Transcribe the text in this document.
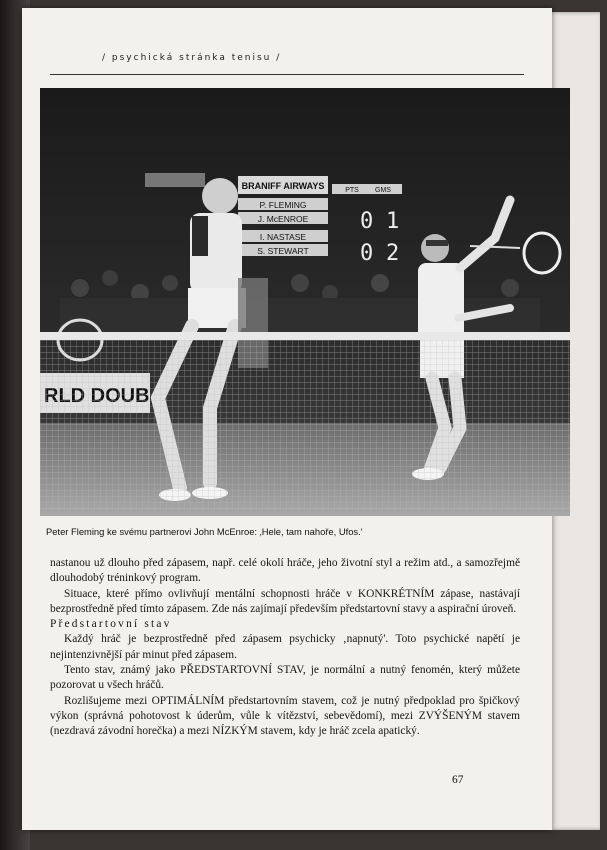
/ psychická stránka tenisu /
BRANIFF AIRWAYS
P. FLEMING
J. McENROE
I. NASTASE
S. STEWART
PTS GMS
0 1
0 2
Peter Fleming ke svému partnerovi John McEnroe: ‚Hele, tam nahoře, Ufos.'

nastanou už dlouho před zápasem, např. celé okolí hráče, jeho životní styl a režim atd., a samozřejmě dlouhodobý tréninkový program.

Situace, které přímo ovlivňují mentální schopnosti hráče v KONKRÉTNÍM zápase, nastávají bezprostředně před tímto zápasem. Zde nás zajímají především předstartovní stavy a aspirační úroveň.

Předstartovní stav

Každý hráč je bezprostředně před zápasem psychicky ‚napnutý'. Toto psychické napětí je nejintenzivnější pár minut před zápasem.

Tento stav, známý jako PŘEDSTARTOVNÍ STAV, je normální a nutný fenomén, který můžete pozorovat u všech hráčů.

Rozlišujeme mezi OPTIMÁLNÍM předstartovním stavem, což je nutný předpoklad pro špičkový výkon (správná pohotovost k úderům, vůle k vítězství, sebevědomí), mezi ZVÝŠENÝM stavem (nezdravá závodní horečka) a mezi NÍZKÝM stavem, kdy je hráč zcela apatický.

67
